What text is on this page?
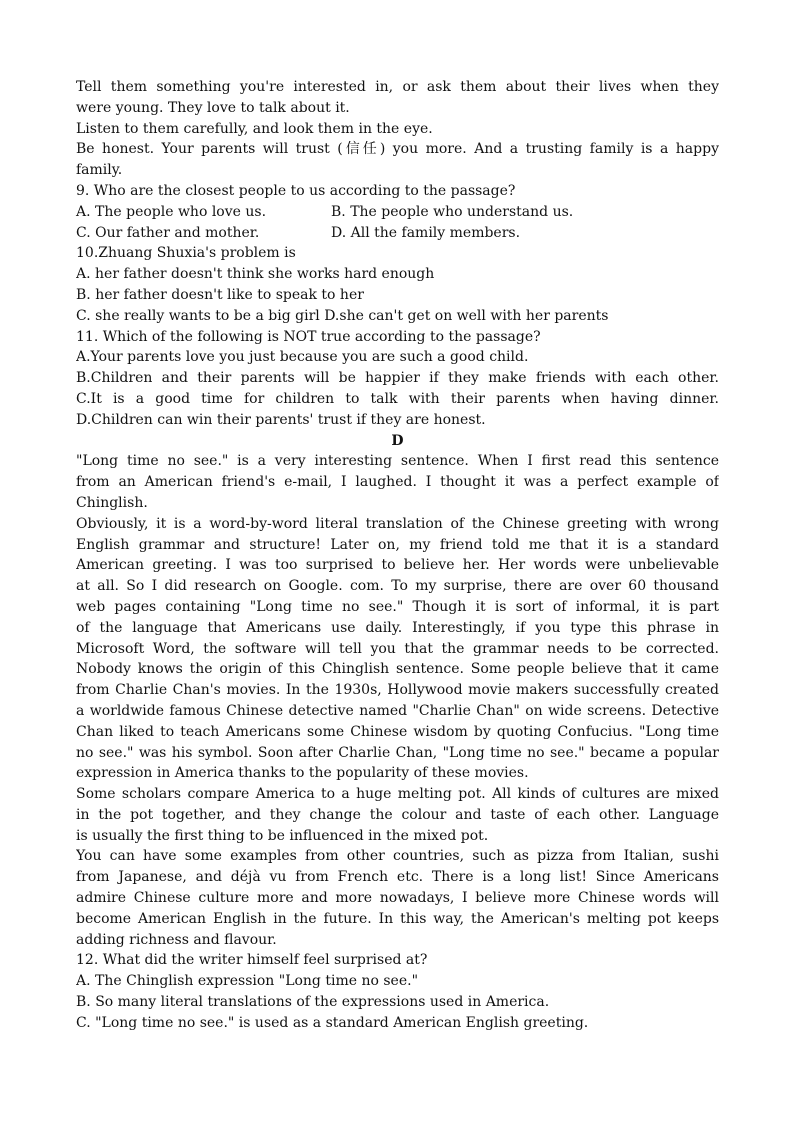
Tell them something you're interested in, or ask them about their lives when they
were young. They love to talk about it.
Listen to them carefully, and look them in the eye.
Be honest. Your parents will trust (信任) you more. And a trusting family is a happy
family.
9. Who are the closest people to us according to the passage?
A. The people who love us.	B. The people who understand us.
C. Our father and mother.	D. All the family members.
10.Zhuang Shuxia's problem is
A. her father doesn't think she works hard enough
B. her father doesn't like to speak to her
C. she really wants to be a big girl D.she can't get on well with her parents
11. Which of the following is NOT true according to the passage?
A.Your parents love you just because you are such a good child.
B.Children and their parents will be happier if they make friends with each other.
C.It is a good time for children to talk with their parents when having dinner.
D.Children can win their parents' trust if they are honest.
D
"Long time no see." is a very interesting sentence. When I first read this sentence
from an American friend's e-mail, I laughed. I thought it was a perfect example of
Chinglish.
Obviously, it is a word-by-word literal translation of the Chinese greeting with wrong
English grammar and structure! Later on, my friend told me that it is a standard
American greeting. I was too surprised to believe her. Her words were unbelievable
at all. So I did research on Google. com. To my surprise, there are over 60 thousand
web pages containing "Long time no see." Though it is sort of informal, it is part
of the language that Americans use daily. Interestingly, if you type this phrase in
Microsoft Word, the software will tell you that the grammar needs to be corrected.
Nobody knows the origin of this Chinglish sentence. Some people believe that it came
from Charlie Chan's movies. In the 1930s, Hollywood movie makers successfully created
a worldwide famous Chinese detective named "Charlie Chan" on wide screens. Detective
Chan liked to teach Americans some Chinese wisdom by quoting Confucius. "Long time
no see." was his symbol. Soon after Charlie Chan, "Long time no see." became a popular
expression in America thanks to the popularity of these movies.
Some scholars compare America to a huge melting pot. All kinds of cultures are mixed
in the pot together, and they change the colour and taste of each other. Language
is usually the first thing to be influenced in the mixed pot.
You can have some examples from other countries, such as pizza from Italian, sushi
from Japanese, and déjà vu from French etc. There is a long list! Since Americans
admire Chinese culture more and more nowadays, I believe more Chinese words will
become American English in the future. In this way, the American's melting pot keeps
adding richness and flavour.
12. What did the writer himself feel surprised at?
A. The Chinglish expression "Long time no see."
B. So many literal translations of the expressions used in America.
C. "Long time no see." is used as a standard American English greeting.
